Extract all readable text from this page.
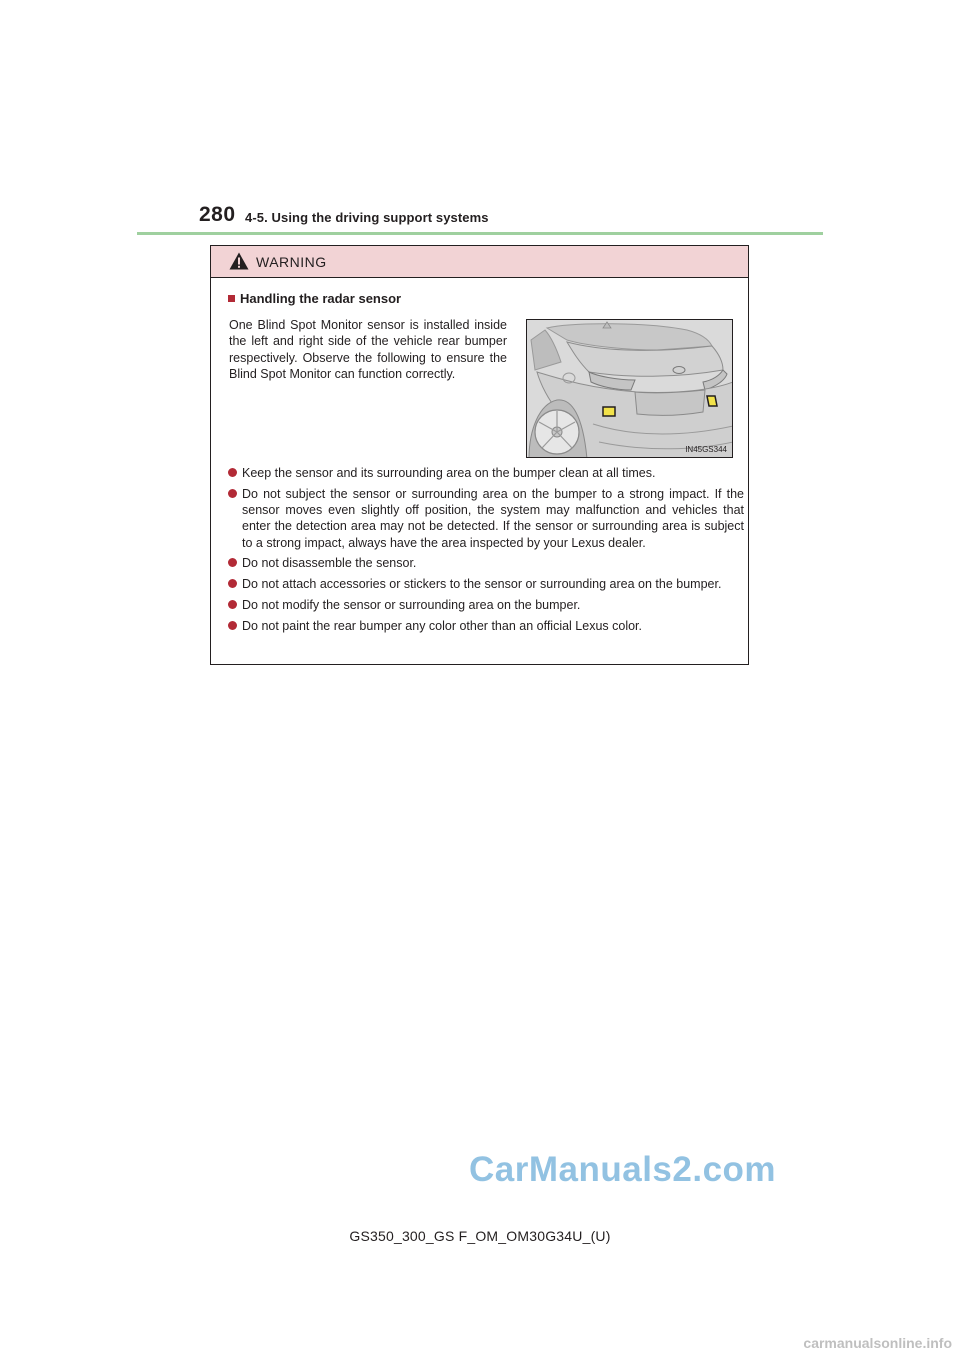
280 4-5. Using the driving support systems
WARNING
Handling the radar sensor
One Blind Spot Monitor sensor is installed inside the left and right side of the vehicle rear bumper respectively. Observe the following to ensure the Blind Spot Monitor can function correctly.
IN45GS344
Keep the sensor and its surrounding area on the bumper clean at all times.
Do not subject the sensor or surrounding area on the bumper to a strong impact. If the sensor moves even slightly off position, the system may malfunction and vehicles that enter the detection area may not be detected. If the sensor or surrounding area is subject to a strong impact, always have the area inspected by your Lexus dealer.
Do not disassemble the sensor.
Do not attach accessories or stickers to the sensor or surrounding area on the bumper.
Do not modify the sensor or surrounding area on the bumper.
Do not paint the rear bumper any color other than an official Lexus color.
CarManuals2.com
GS350_300_GS F_OM_OM30G34U_(U)
carmanualsonline.info
